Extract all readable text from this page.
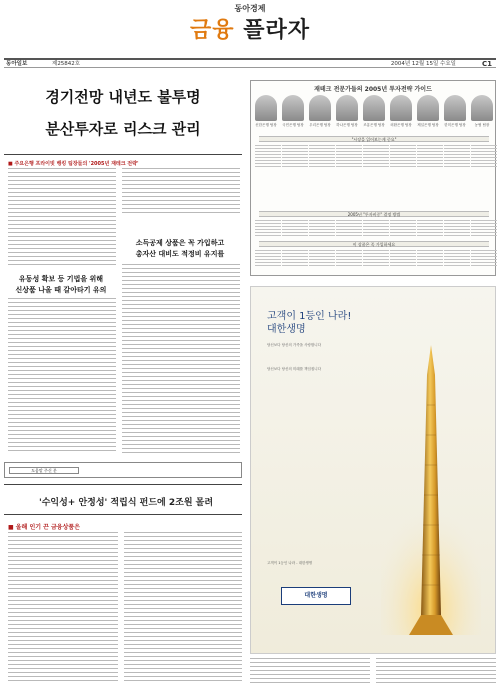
동아경제
금융 플라자
동아일보	제25842호	2004년 12월 15일 수요일	C1
경기전망 내년도 불투명
분산투자로 리스크 관리
■ 주요은행 프라이빗 뱅킹 팀장들의 '2005년 재테크 전략'
소득공제 상품은 꼭 가입하고
총자산 대비도 적정비 유지를
유동성 확보 등 기법을 위해
신상품 나올 때 갈아타기 유의
도움말 주신 분
재테크 전문가들의 2005년 투자전략 가이드
신한은행 팀장	국민은행 팀장	우리은행 팀장	하나은행 팀장	조흥은행 팀장	외환은행 팀장	제일은행 팀장	한미은행 팀장	농협 팀장
"시장을 읽어보는게 중요"
2005년 "투자비중" 결정 방법
이 상품은 꼭 가입하세요
고객이 1등인 나라!
대한생명
당신보다 당신의 가족을 사랑합니다
당신보다 당신의 미래를 책임집니다
고객이 1등인 나라 - 대한생명
대한생명
'수익성+ 안정성' 적립식 펀드에 2조원 몰려
■ 올해 인기 끈 금융상품은
